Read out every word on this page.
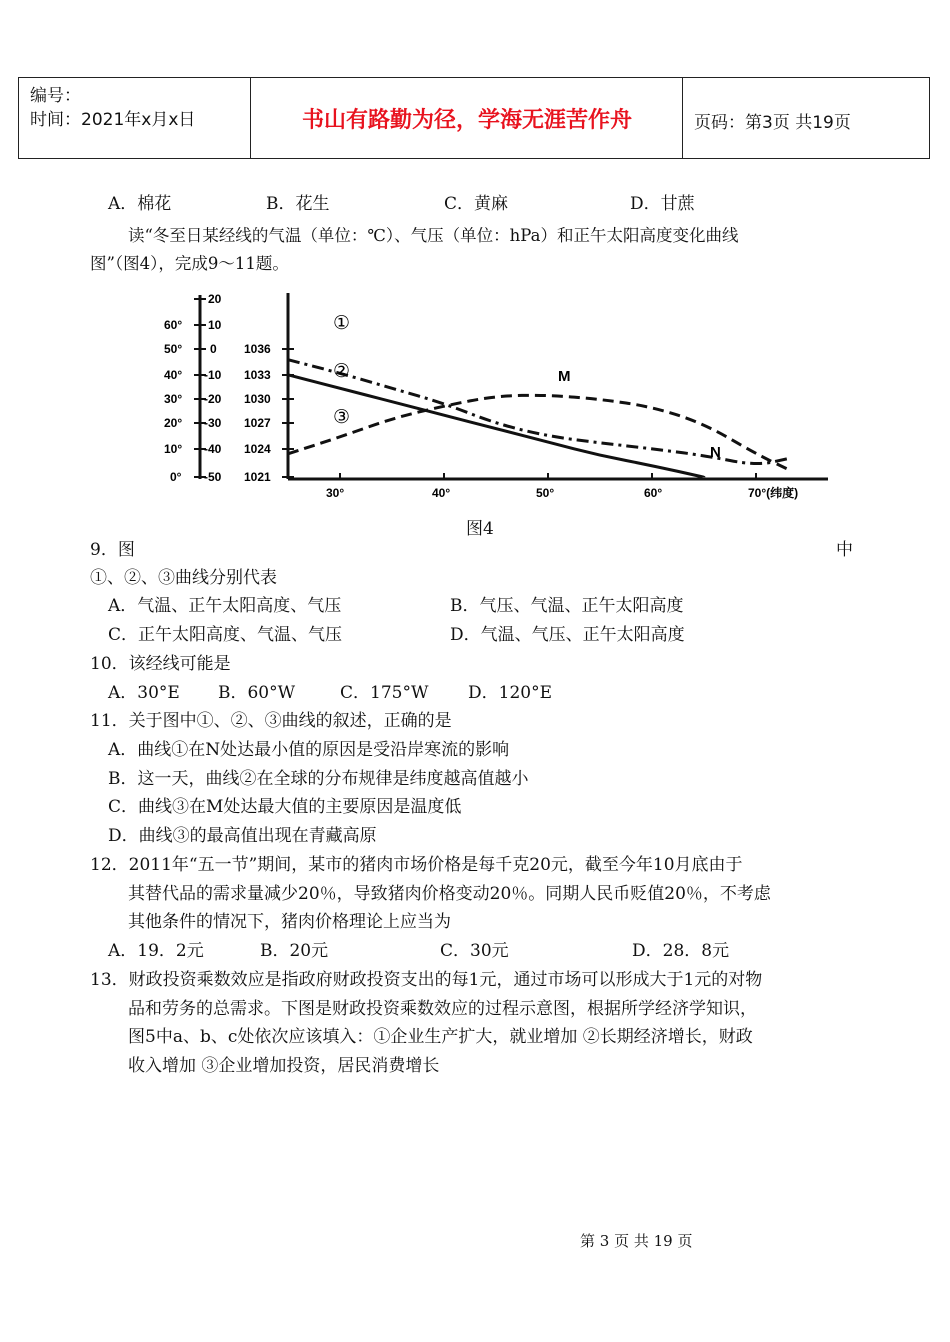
编号：
时间：2021年x月x日	书山有路勤为径，学海无涯苦作舟	页码：第3页 共19页
A．棉花	B．花生	C．黄麻	D．甘蔗
读“冬至日某经线的气温（单位：℃）、气压（单位：hPa）和正午太阳高度变化曲线
图”（图4），完成9～11题。
60°
50°
40°
30°
20°
10°
0°
20
10
0
-10
-20
-30
-40
-50
1036
1033
1030
1027
1024
1021
30°	40°	50°	60°	70°(纬度)
①
②
③
M
N
图4
9．图	中
①、②、③曲线分别代表
A．气温、正午太阳高度、气压	B．气压、气温、正午太阳高度
C．正午太阳高度、气温、气压	D．气温、气压、正午太阳高度
10．该经线可能是
A．30°E B．60°W	C．175°W D．120°E
11．关于图中①、②、③曲线的叙述，正确的是
A．曲线①在N处达最小值的原因是受沿岸寒流的影响
B．这一天，曲线②在全球的分布规律是纬度越高值越小
C．曲线③在M处达最大值的主要原因是温度低
D．曲线③的最高值出现在青藏高原
12．2011年“五一节”期间，某市的猪肉市场价格是每千克20元，截至今年10月底由于
其替代品的需求量减少20％，导致猪肉价格变动20％。同期人民币贬值20％，不考虑
其他条件的情况下，猪肉价格理论上应当为
A．19．2元	B．20元	C．30元	D．28．8元
13．财政投资乘数效应是指政府财政投资支出的每1元，通过市场可以形成大于1元的对物
品和劳务的总需求。下图是财政投资乘数效应的过程示意图，根据所学经济学知识，
图5中a、b、c处依次应该填入：①企业生产扩大，就业增加 ②长期经济增长，财政
收入增加 ③企业增加投资，居民消费增长
第 3 页 共 19 页
